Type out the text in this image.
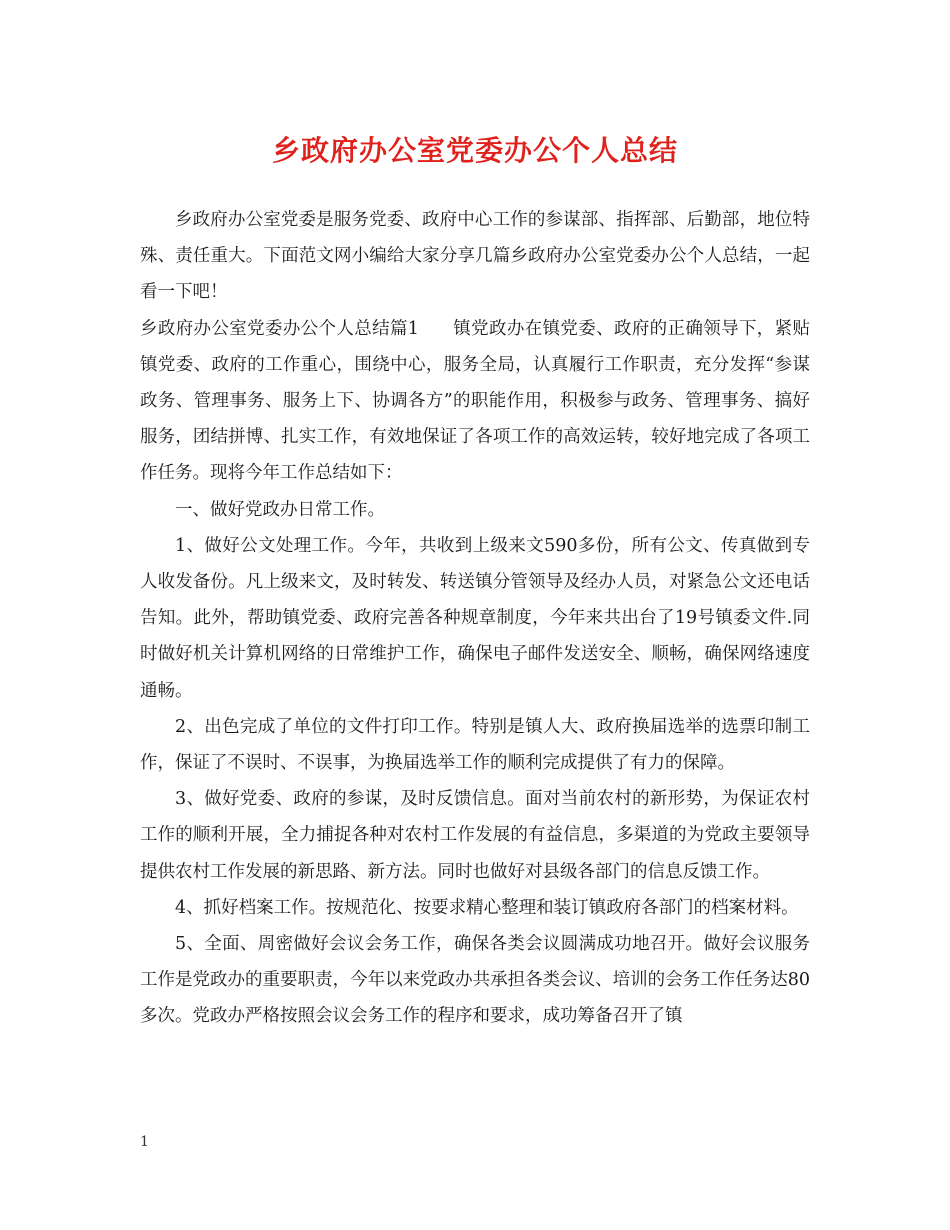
乡政府办公室党委办公个人总结

乡政府办公室党委是服务党委、政府中心工作的参谋部、指挥部、后勤部，地位特殊、责任重大。下面范文网小编给大家分享几篇乡政府办公室党委办公个人总结，一起看一下吧！

乡政府办公室党委办公个人总结篇1 镇党政办在镇党委、政府的正确领导下，紧贴镇党委、政府的工作重心，围绕中心，服务全局，认真履行工作职责，充分发挥“参谋政务、管理事务、服务上下、协调各方”的职能作用，积极参与政务、管理事务、搞好服务，团结拼博、扎实工作，有效地保证了各项工作的高效运转，较好地完成了各项工作任务。现将今年工作总结如下：

一、做好党政办日常工作。

1、做好公文处理工作。今年，共收到上级来文590多份，所有公文、传真做到专人收发备份。凡上级来文，及时转发、转送镇分管领导及经办人员，对紧急公文还电话告知。此外，帮助镇党委、政府完善各种规章制度，今年来共出台了19号镇委文件.同时做好机关计算机网络的日常维护工作，确保电子邮件发送安全、顺畅，确保网络速度通畅。

2、出色完成了单位的文件打印工作。特别是镇人大、政府换届选举的选票印制工作，保证了不误时、不误事，为换届选举工作的顺利完成提供了有力的保障。

3、做好党委、政府的参谋，及时反馈信息。面对当前农村的新形势，为保证农村工作的顺利开展，全力捕捉各种对农村工作发展的有益信息，多渠道的为党政主要领导提供农村工作发展的新思路、新方法。同时也做好对县级各部门的信息反馈工作。

4、抓好档案工作。按规范化、按要求精心整理和装订镇政府各部门的档案材料。

5、全面、周密做好会议会务工作，确保各类会议圆满成功地召开。做好会议服务工作是党政办的重要职责，今年以来党政办共承担各类会议、培训的会务工作任务达80多次。党政办严格按照会议会务工作的程序和要求，成功筹备召开了镇

1
